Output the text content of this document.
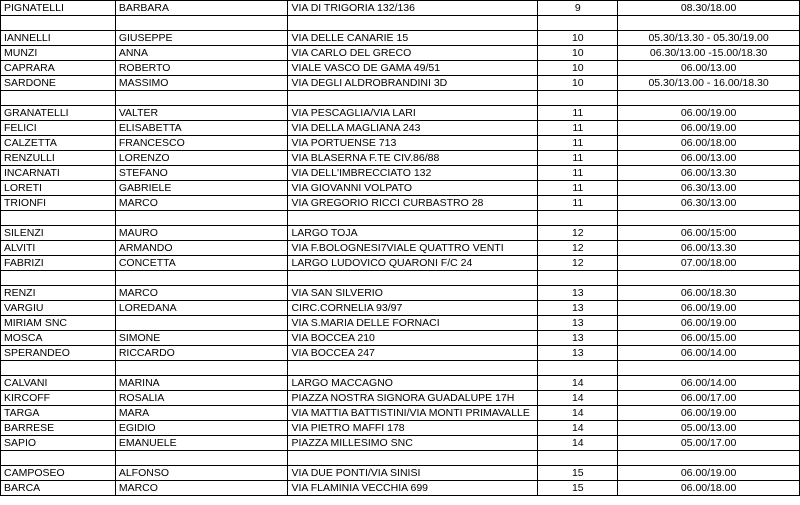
PIGNATELLI	BARBARA	VIA DI TRIGORIA 132/136	9	08.30/18.00

IANNELLI	GIUSEPPE	VIA DELLE CANARIE 15	10	05.30/13.30 - 05.30/19.00
MUNZI	ANNA	VIA CARLO DEL GRECO	10	06.30/13.00 -15.00/18.30
CAPRARA	ROBERTO	VIALE VASCO DE GAMA 49/51	10	06.00/13.00
SARDONE	MASSIMO	VIA DEGLI ALDROBRANDINI 3D	10	05.30/13.00 - 16.00/18.30

GRANATELLI	VALTER	VIA PESCAGLIA/VIA LARI	11	06.00/19.00
FELICI	ELISABETTA	VIA DELLA MAGLIANA 243	11	06.00/19.00
CALZETTA	FRANCESCO	VIA PORTUENSE 713	11	06.00/18.00
RENZULLI	LORENZO	VIA BLASERNA F.TE CIV.86/88	11	06.00/13.00
INCARNATI	STEFANO	VIA DELL'IMBRECCIATO 132	11	06.00/13.30
LORETI	GABRIELE	VIA GIOVANNI VOLPATO	11	06.30/13.00
TRIONFI	MARCO	VIA GREGORIO RICCI CURBASTRO 28	11	06.30/13.00

SILENZI	MAURO	LARGO TOJA	12	06.00/15:00
ALVITI	ARMANDO	VIA F.BOLOGNESI7VIALE QUATTRO VENTI	12	06.00/13.30
FABRIZI	CONCETTA	LARGO LUDOVICO QUARONI F/C 24	12	07.00/18.00

RENZI	MARCO	VIA SAN SILVERIO	13	06.00/18.30
VARGIU	LOREDANA	CIRC.CORNELIA 93/97	13	06.00/19.00
MIRIAM SNC		VIA S.MARIA DELLE FORNACI	13	06.00/19.00
MOSCA	SIMONE	VIA BOCCEA 210	13	06.00/15.00
SPERANDEO	RICCARDO	VIA BOCCEA 247	13	06.00/14.00

CALVANI	MARINA	LARGO MACCAGNO	14	06.00/14.00
KIRCOFF	ROSALIA	PIAZZA NOSTRA SIGNORA GUADALUPE 17H	14	06.00/17.00
TARGA	MARA	VIA MATTIA BATTISTINI/VIA MONTI PRIMAVALLE	14	06.00/19.00
BARRESE	EGIDIO	VIA PIETRO MAFFI 178	14	05.00/13.00
SAPIO	EMANUELE	PIAZZA MILLESIMO SNC	14	05.00/17.00

CAMPOSEO	ALFONSO	VIA DUE PONTI/VIA SINISI	15	06.00/19.00
BARCA	MARCO	VIA FLAMINIA VECCHIA 699	15	06.00/18.00
